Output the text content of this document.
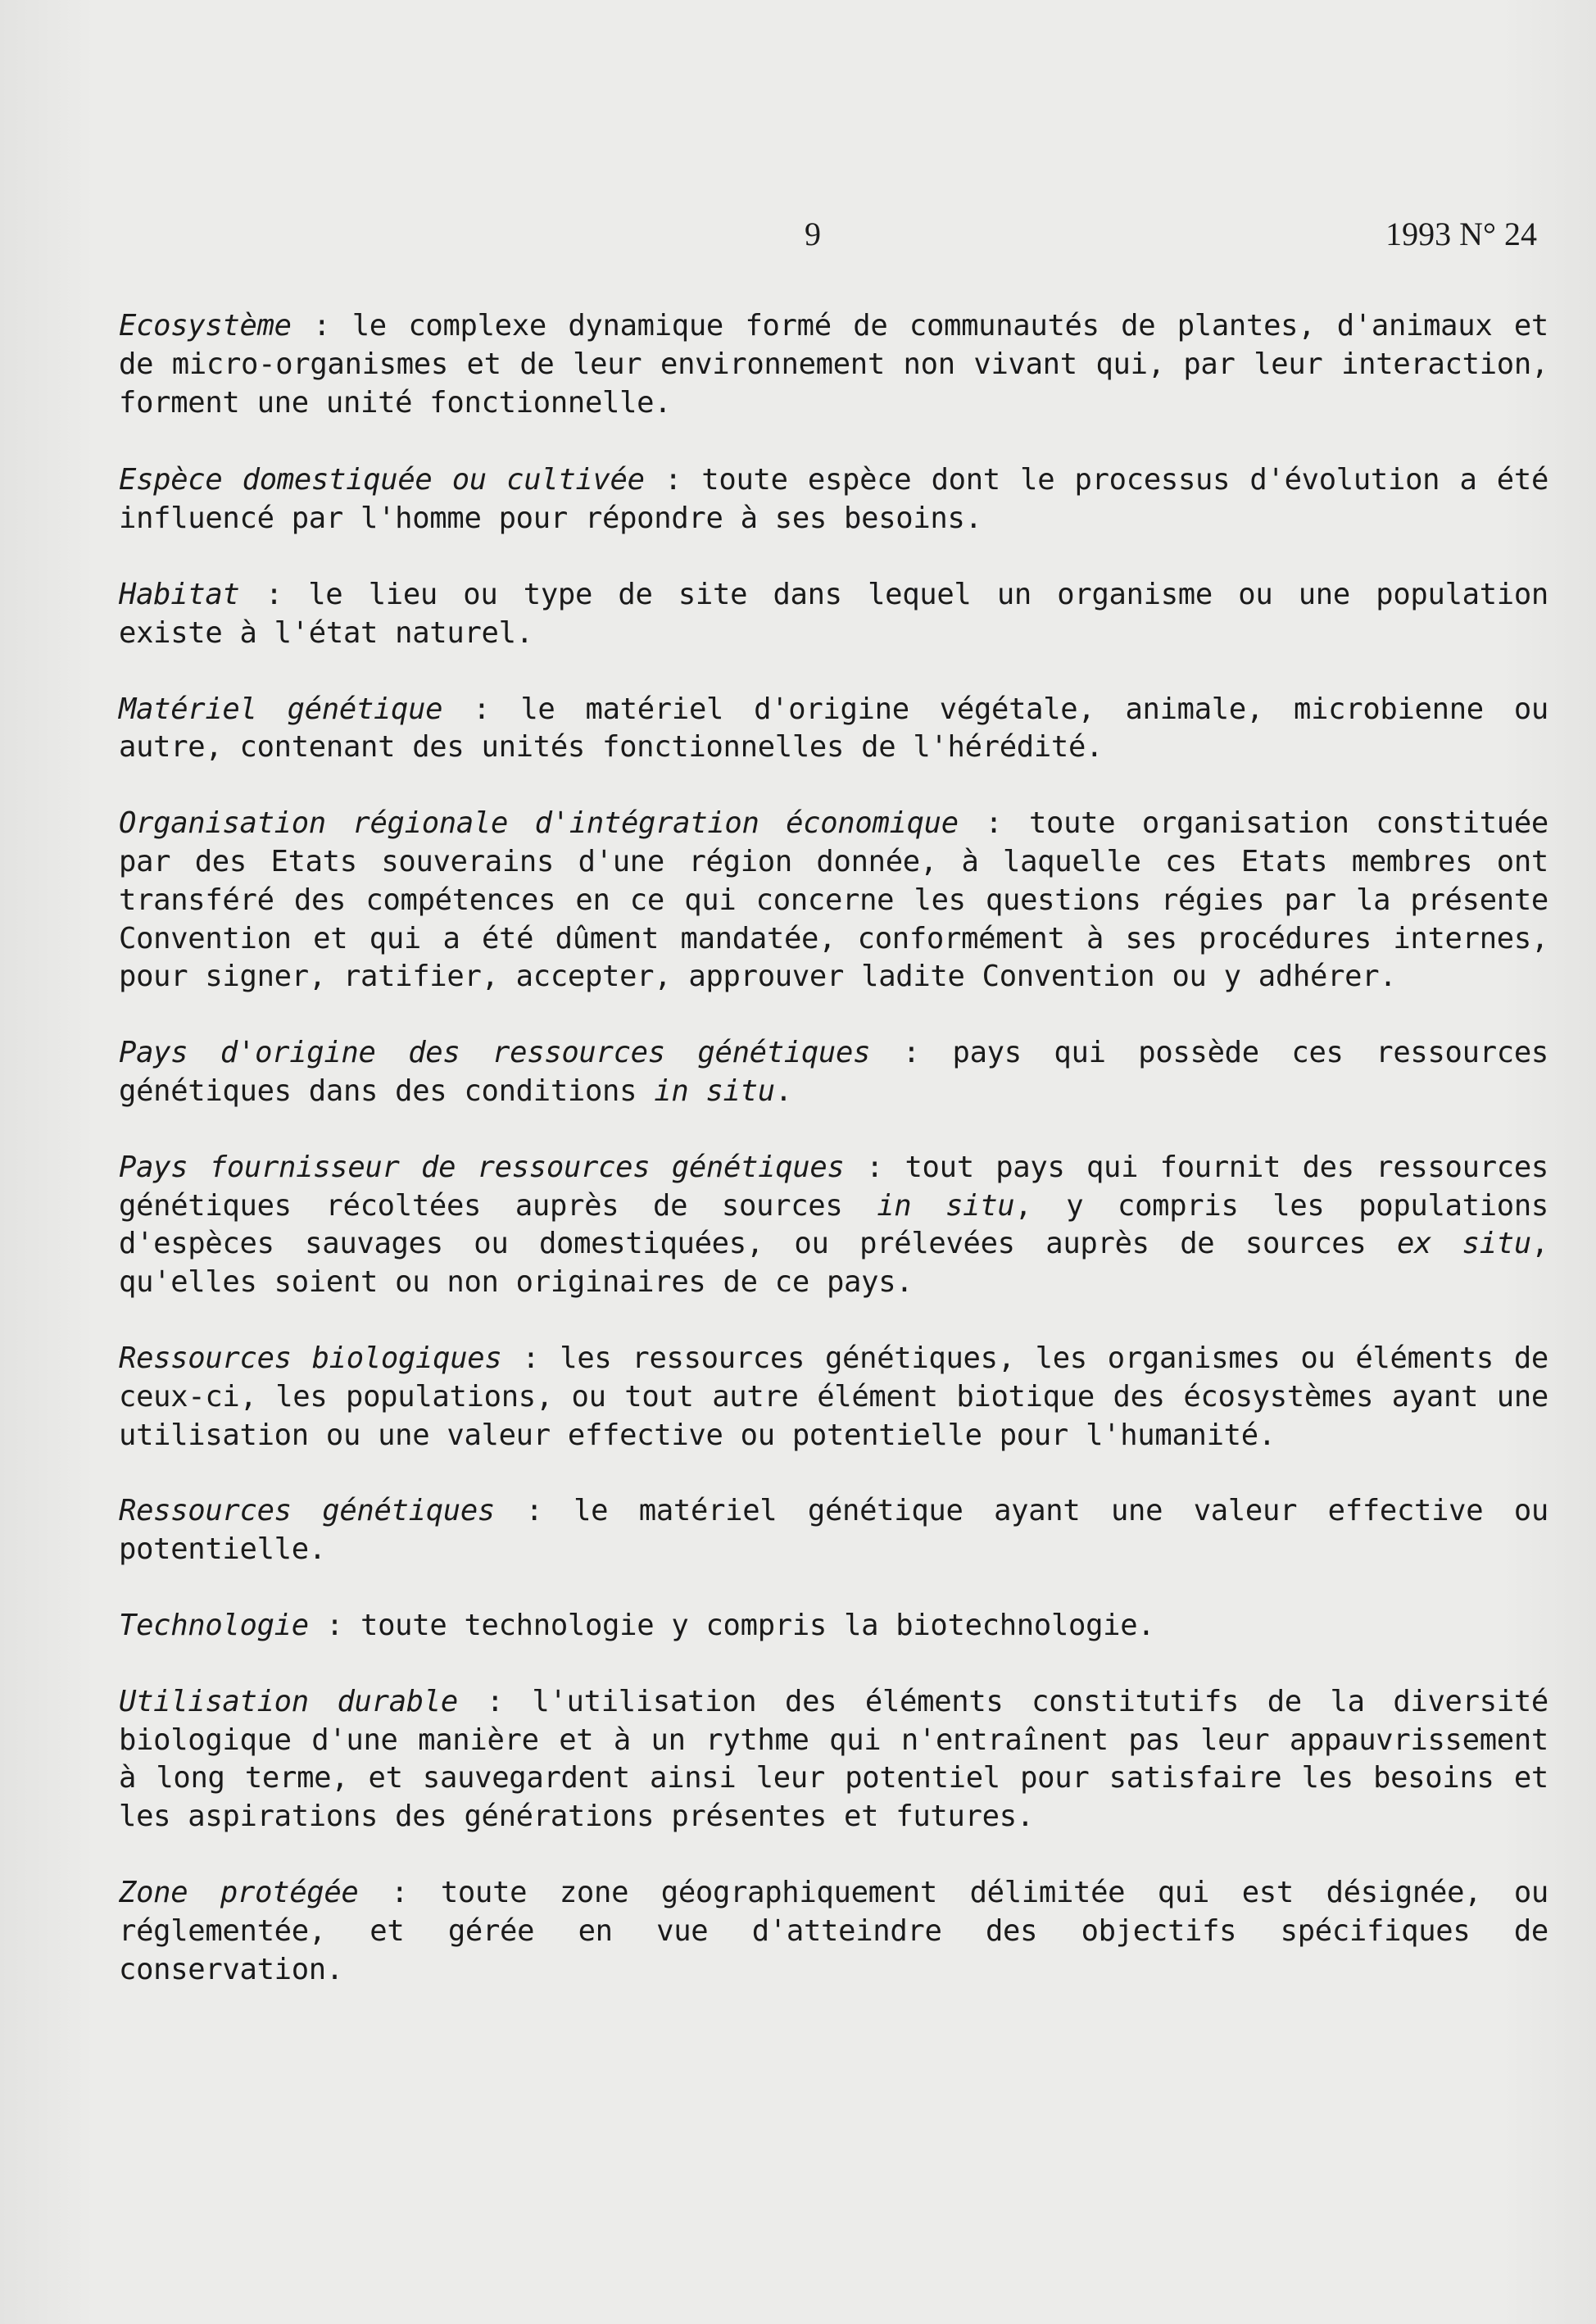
9	1993 N° 24

Ecosystème : le complexe dynamique formé de communautés de plantes, d'animaux et de micro-organismes et de leur environnement non vivant qui, par leur interaction, forment une unité fonctionnelle.

Espèce domestiquée ou cultivée : toute espèce dont le processus d'évolution a été influencé par l'homme pour répondre à ses besoins.

Habitat : le lieu ou type de site dans lequel un organisme ou une population existe à l'état naturel.

Matériel génétique : le matériel d'origine végétale, animale, microbienne ou autre, contenant des unités fonctionnelles de l'hérédité.

Organisation régionale d'intégration économique : toute organisation constituée par des Etats souverains d'une région donnée, à laquelle ces Etats membres ont transféré des compétences en ce qui concerne les questions régies par la présente Convention et qui a été dûment mandatée, conformément à ses procédures internes, pour signer, ratifier, accepter, approuver ladite Convention ou y adhérer.

Pays d'origine des ressources génétiques : pays qui possède ces ressources génétiques dans des conditions in situ.

Pays fournisseur de ressources génétiques : tout pays qui fournit des ressources génétiques récoltées auprès de sources in situ, y compris les populations d'espèces sauvages ou domestiquées, ou prélevées auprès de sources ex situ, qu'elles soient ou non originaires de ce pays.

Ressources biologiques : les ressources génétiques, les organismes ou éléments de ceux-ci, les populations, ou tout autre élément biotique des écosystèmes ayant une utilisation ou une valeur effective ou potentielle pour l'humanité.

Ressources génétiques : le matériel génétique ayant une valeur effective ou potentielle.

Technologie : toute technologie y compris la biotechnologie.

Utilisation durable : l'utilisation des éléments constitutifs de la diversité biologique d'une manière et à un rythme qui n'entraînent pas leur appauvrissement à long terme, et sauvegardent ainsi leur potentiel pour satisfaire les besoins et les aspirations des générations présentes et futures.

Zone protégée : toute zone géographiquement délimitée qui est désignée, ou réglementée, et gérée en vue d'atteindre des objectifs spécifiques de conservation.
